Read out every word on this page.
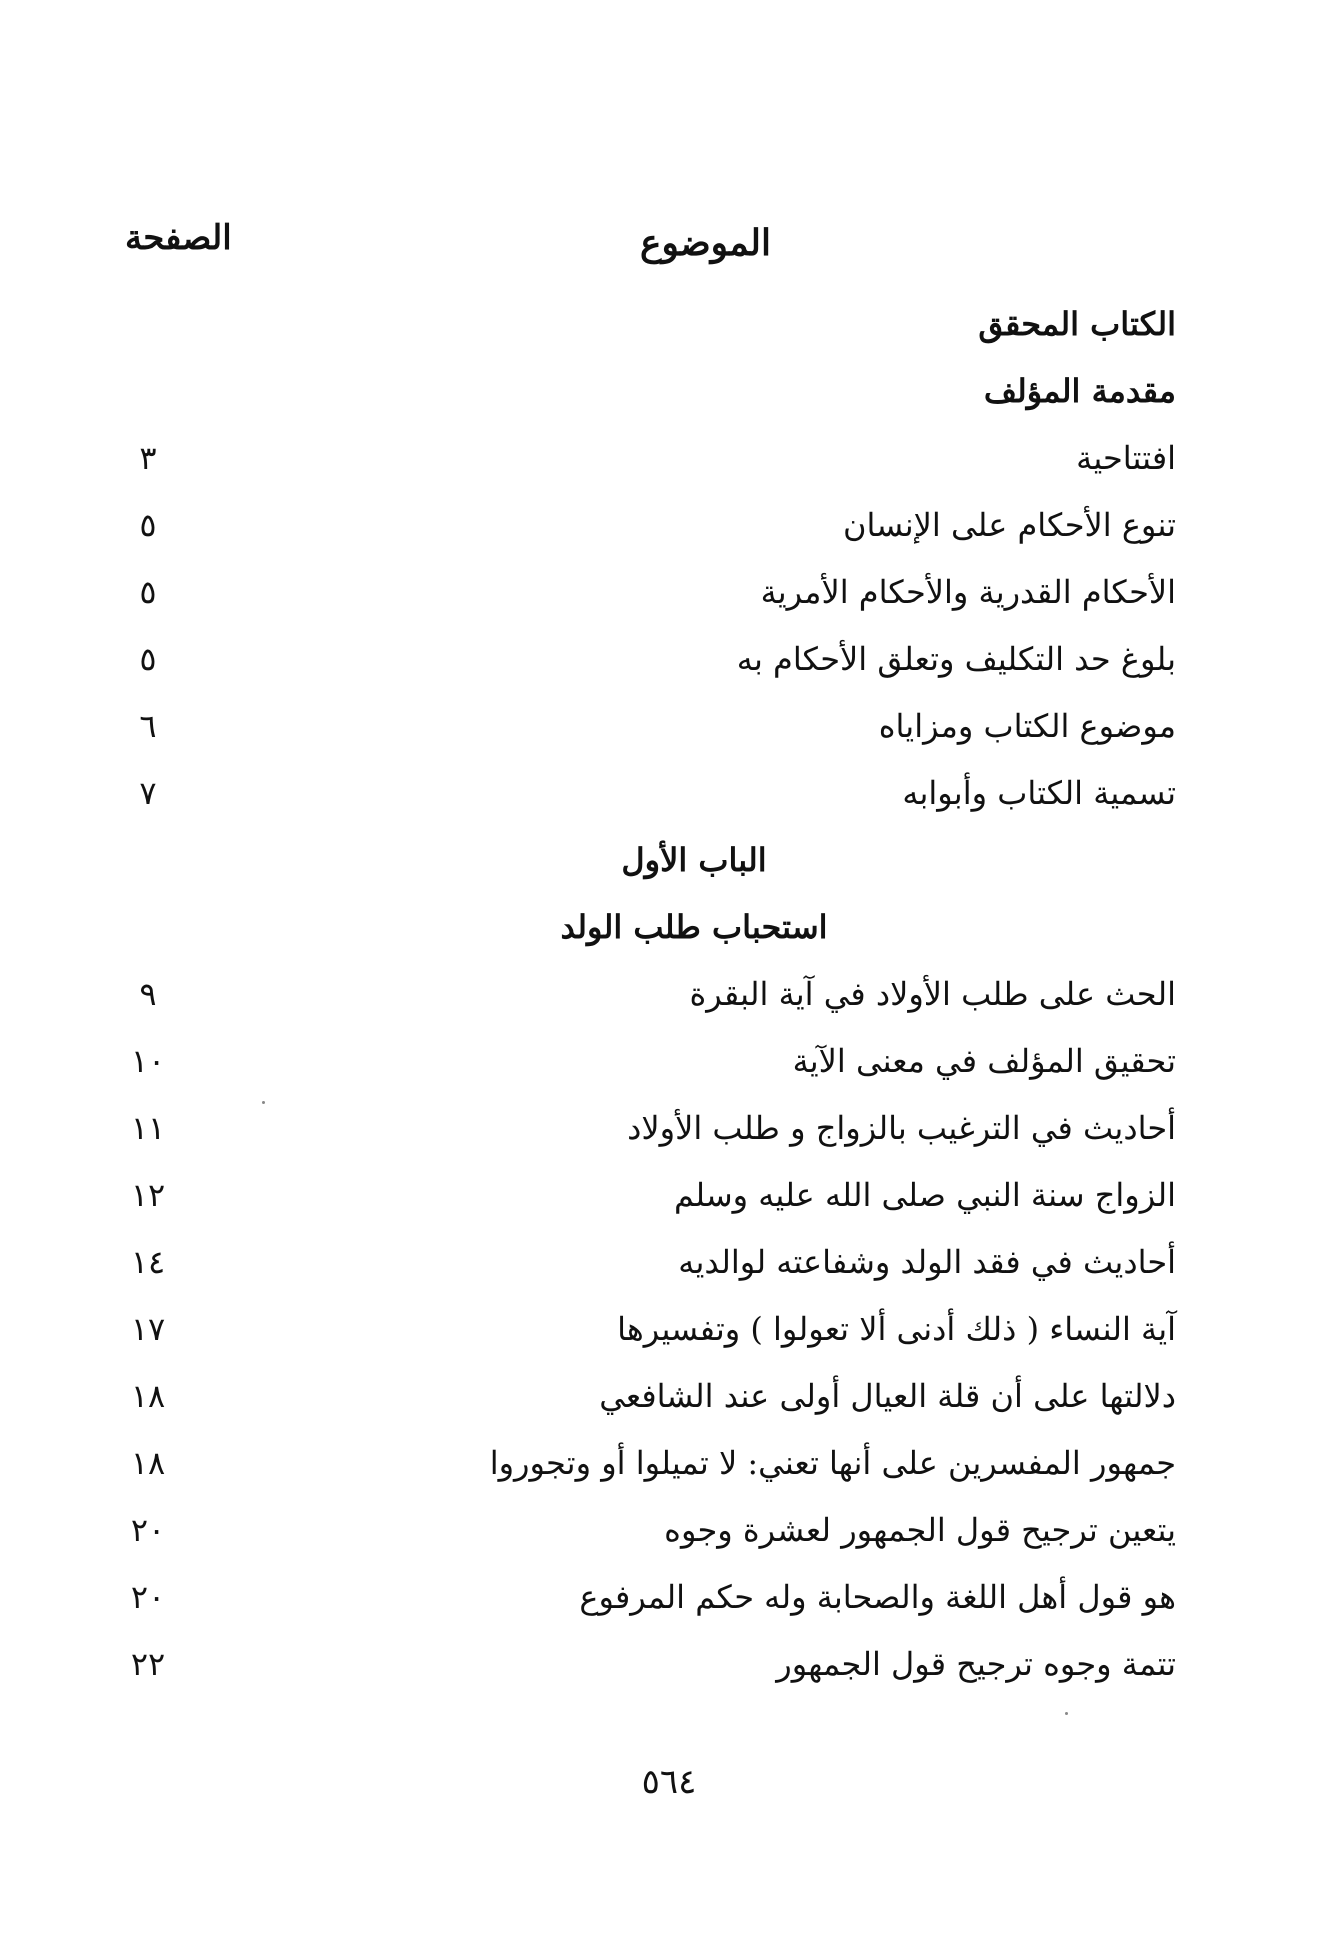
الصفحة	الموضوع
الكتاب المحقق
مقدمة المؤلف
افتتاحية
٣
تنوع الأحكام على الإنسان
٥
الأحكام القدرية والأحكام الأمرية
٥
بلوغ حد التكليف وتعلق الأحكام به
٥
موضوع الكتاب ومزاياه
٦
تسمية الكتاب وأبوابه
٧
الباب الأول
استحباب طلب الولد
الحث على طلب الأولاد في آية البقرة
٩
تحقيق المؤلف في معنى الآية
١٠
أحاديث في الترغيب بالزواج و طلب الأولاد
١١
الزواج سنة النبي صلى الله عليه وسلم
١٢
أحاديث في فقد الولد وشفاعته لوالديه
١٤
آية النساء ( ذلك أدنى ألا تعولوا ) وتفسيرها
١٧
دلالتها على أن قلة العيال أولى عند الشافعي
١٨
جمهور المفسرين على أنها تعني: لا تميلوا أو وتجوروا
١٨
يتعين ترجيح قول الجمهور لعشرة وجوه
٢٠
هو قول أهل اللغة والصحابة وله حكم المرفوع
٢٠
تتمة وجوه ترجيح قول الجمهور
٢٢
٥٦٤
